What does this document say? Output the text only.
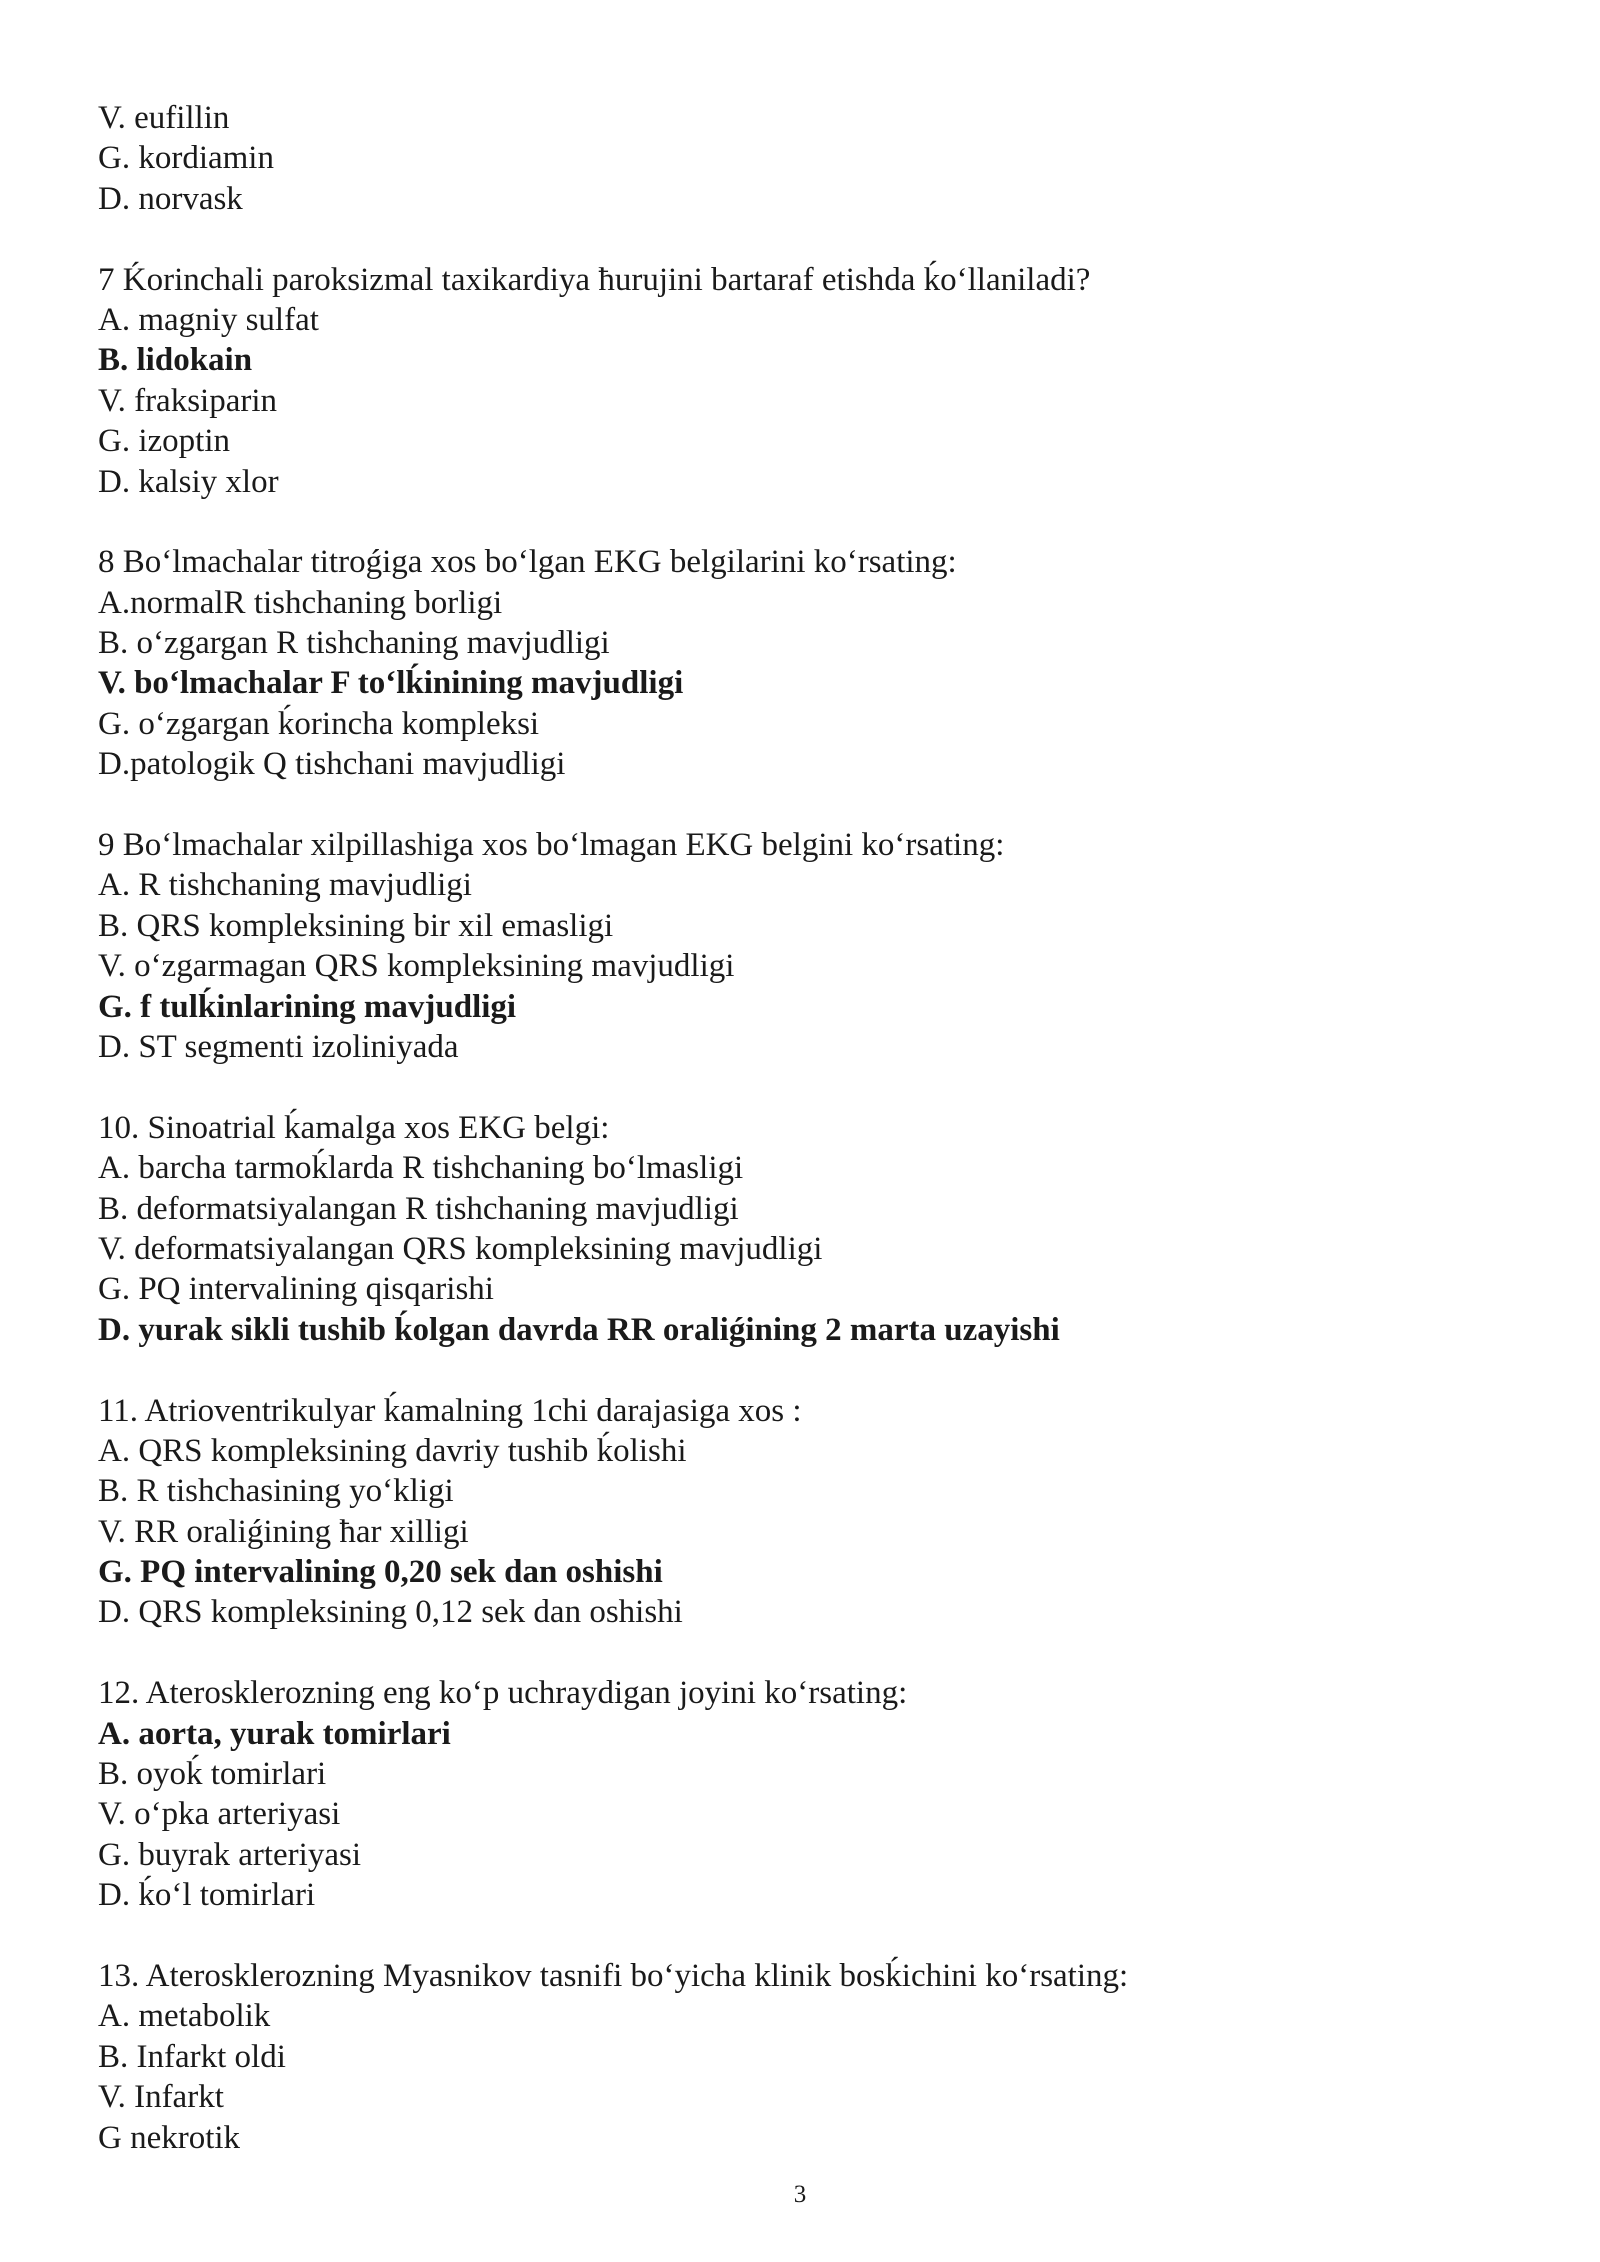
V. eufillin
G. kordiamin
D. norvask
7 Ḱorinchali paroksizmal taxikardiya ħurujini bartaraf etishda ḱo‘llaniladi?
A. magniy sulfat
B. lidokain
V. fraksiparin
G. izoptin
D. kalsiy xlor
8 Bo‘lmachalar titroǵiga xos bo‘lgan EKG belgilarini ko‘rsating:
A.normalR tishchaning borligi
B. o‘zgargan R tishchaning mavjudligi
V. bo‘lmachalar F to‘lḱinining mavjudligi
G. o‘zgargan ḱorincha kompleksi
D.patologik Q tishchani mavjudligi
9 Bo‘lmachalar xilpillashiga xos bo‘lmagan EKG belgini ko‘rsating:
A. R tishchaning mavjudligi
B. QRS kompleksining bir xil emasligi
V. o‘zgarmagan QRS kompleksining mavjudligi
G. f tulḱinlarining mavjudligi
D. ST segmenti izoliniyada
10. Sinoatrial ḱamalga xos EKG belgi:
A. barcha tarmoḱlarda R tishchaning bo‘lmasligi
B. deformatsiyalangan R tishchaning mavjudligi
V. deformatsiyalangan QRS kompleksining mavjudligi
G. PQ intervalining qisqarishi
D. yurak sikli tushib ḱolgan davrda RR oraliǵining 2 marta uzayishi
11. Atrioventrikulyar ḱamalning 1chi darajasiga xos :
A. QRS kompleksining davriy tushib ḱolishi
B. R tishchasining yo‘kligi
V. RR oraliǵining ħar xilligi
G. PQ intervalining 0,20 sek dan oshishi
D. QRS kompleksining 0,12 sek dan oshishi
12. Aterosklerozning eng ko‘p uchraydigan joyini ko‘rsating:
A. aorta, yurak tomirlari
B. oyoḱ tomirlari
V. o‘pka arteriyasi
G. buyrak arteriyasi
D. ḱo‘l tomirlari
13. Aterosklerozning Myasnikov tasnifi bo‘yicha klinik bosḱichini ko‘rsating:
A. metabolik
B. Infarkt oldi
V. Infarkt
G nekrotik
3
